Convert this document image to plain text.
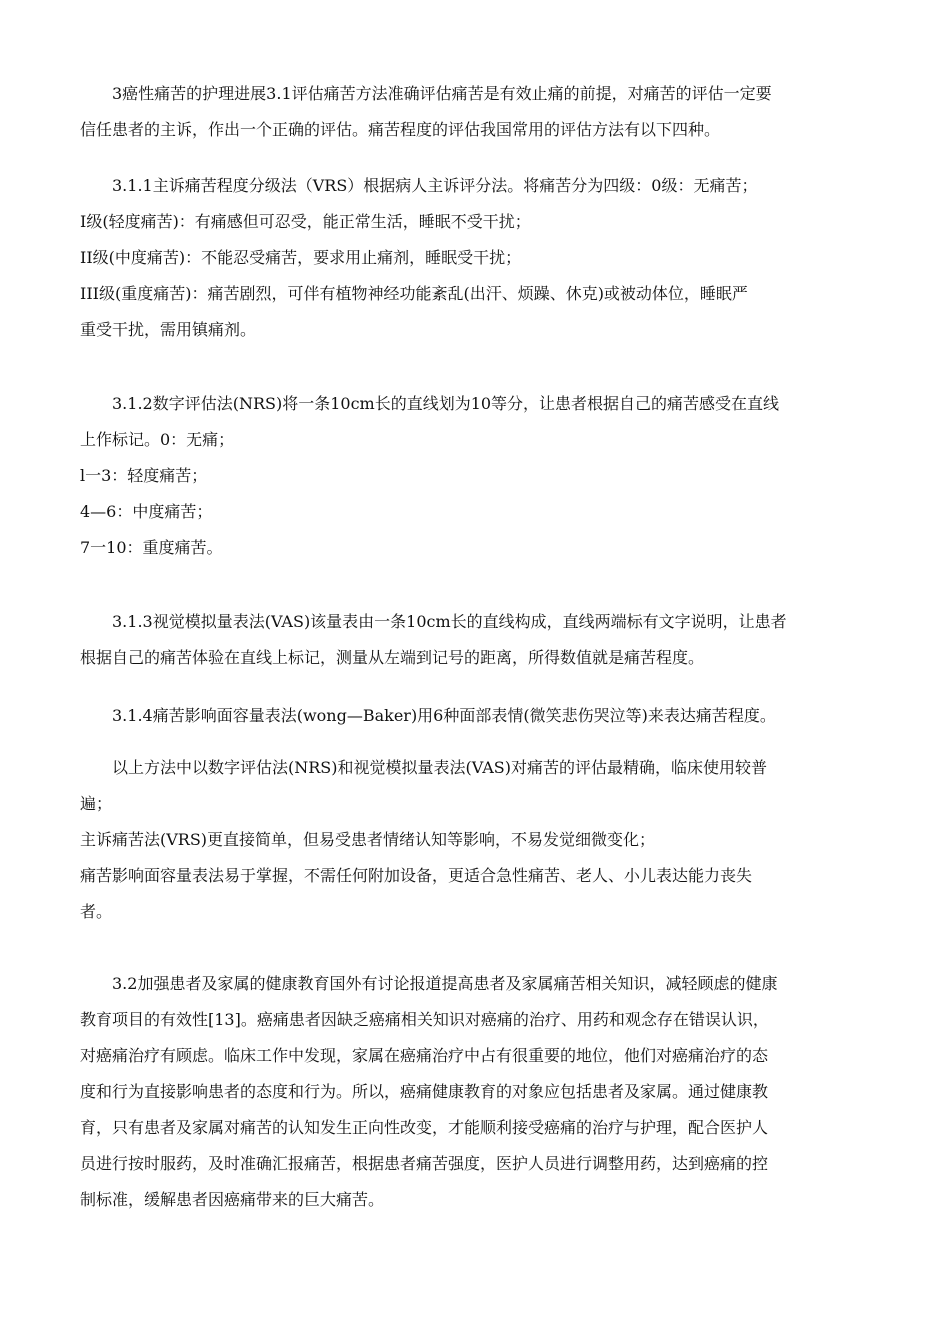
3癌性痛苦的护理进展3.1评估痛苦方法准确评估痛苦是有效止痛的前提，对痛苦的评估一定要
信任患者的主诉，作出一个正确的评估。痛苦程度的评估我国常用的评估方法有以下四种。

3.1.1主诉痛苦程度分级法（VRS）根据病人主诉评分法。将痛苦分为四级：0级：无痛苦；
I级(轻度痛苦)：有痛感但可忍受，能正常生活，睡眠不受干扰；
II级(中度痛苦)：不能忍受痛苦，要求用止痛剂，睡眠受干扰；
III级(重度痛苦)：痛苦剧烈，可伴有植物神经功能紊乱(出汗、烦躁、休克)或被动体位，睡眠严
重受干扰，需用镇痛剂。

3.1.2数字评估法(NRS)将一条10cm长的直线划为10等分，让患者根据自己的痛苦感受在直线
上作标记。0：无痛；
l一3：轻度痛苦；
4—6：中度痛苦；
7一10：重度痛苦。

3.1.3视觉模拟量表法(VAS)该量表由一条10cm长的直线构成，直线两端标有文字说明，让患者
根据自己的痛苦体验在直线上标记，测量从左端到记号的距离，所得数值就是痛苦程度。

3.1.4痛苦影响面容量表法(wong—Baker)用6种面部表情(微笑悲伤哭泣等)来表达痛苦程度。

以上方法中以数字评估法(NRS)和视觉模拟量表法(VAS)对痛苦的评估最精确，临床使用较普
遍；
主诉痛苦法(VRS)更直接简单，但易受患者情绪认知等影响，不易发觉细微变化；
痛苦影响面容量表法易于掌握，不需任何附加设备，更适合急性痛苦、老人、小儿表达能力丧失
者。

3.2加强患者及家属的健康教育国外有讨论报道提高患者及家属痛苦相关知识，减轻顾虑的健康
教育项目的有效性[13]。癌痛患者因缺乏癌痛相关知识对癌痛的治疗、用药和观念存在错误认识，
对癌痛治疗有顾虑。临床工作中发现，家属在癌痛治疗中占有很重要的地位，他们对癌痛治疗的态
度和行为直接影响患者的态度和行为。所以，癌痛健康教育的对象应包括患者及家属。通过健康教
育，只有患者及家属对痛苦的认知发生正向性改变，才能顺利接受癌痛的治疗与护理，配合医护人
员进行按时服药，及时准确汇报痛苦，根据患者痛苦强度，医护人员进行调整用药，达到癌痛的控
制标准，缓解患者因癌痛带来的巨大痛苦。
